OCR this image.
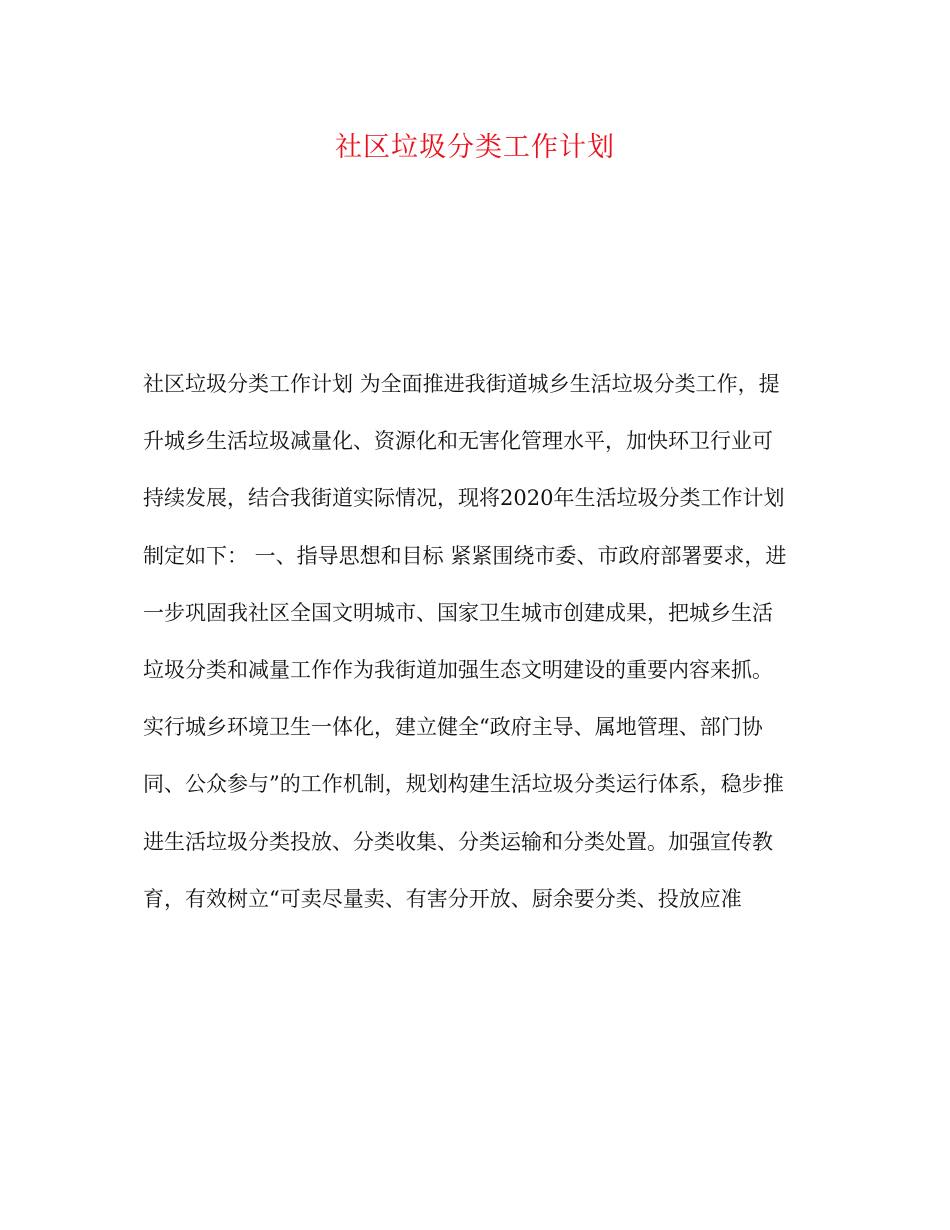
社区垃圾分类工作计划
社区垃圾分类工作计划 为全面推进我街道城乡生活垃圾分类工作，提
升城乡生活垃圾减量化、资源化和无害化管理水平，加快环卫行业可
持续发展，结合我街道实际情况，现将2020年生活垃圾分类工作计划
制定如下： 一、指导思想和目标 紧紧围绕市委、市政府部署要求，进
一步巩固我社区全国文明城市、国家卫生城市创建成果，把城乡生活
垃圾分类和减量工作作为我街道加强生态文明建设的重要内容来抓。
实行城乡环境卫生一体化，建立健全“政府主导、属地管理、部门协
同、公众参与”的工作机制，规划构建生活垃圾分类运行体系，稳步推
进生活垃圾分类投放、分类收集、分类运输和分类处置。加强宣传教
育，有效树立“可卖尽量卖、有害分开放、厨余要分类、投放应准
